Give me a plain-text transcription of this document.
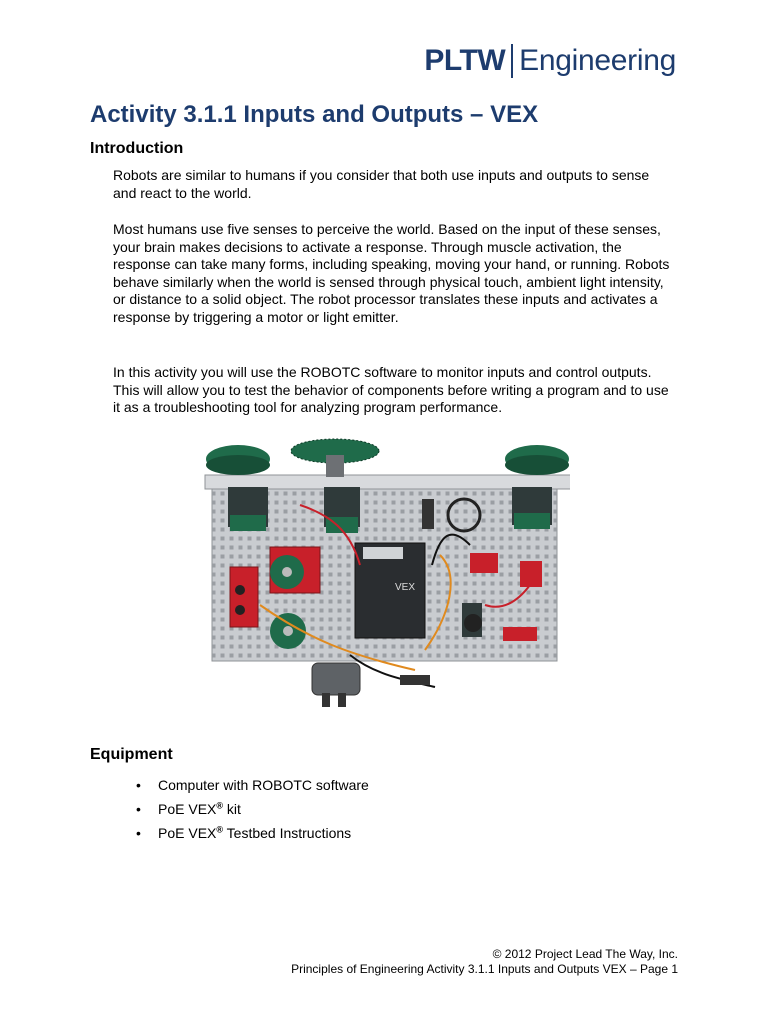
PLTW Engineering
Activity 3.1.1 Inputs and Outputs – VEX
Introduction

Robots are similar to humans if you consider that both use inputs and outputs to sense and react to the world.

Most humans use five senses to perceive the world. Based on the input of these senses, your brain makes decisions to activate a response. Through muscle activation, the response can take many forms, including speaking, moving your hand, or running. Robots behave similarly when the world is sensed through physical touch, ambient light intensity, or distance to a solid object. The robot processor translates these inputs and activates a response by triggering a motor or light emitter.

In this activity you will use the ROBOTC software to monitor inputs and control outputs. This will allow you to test the behavior of components before writing a program and to use it as a troubleshooting tool for analyzing program performance.

VEX
Equipment
• Computer with ROBOTC software
• PoE VEX® kit
• PoE VEX® Testbed Instructions
© 2012 Project Lead The Way, Inc.
Principles of Engineering Activity 3.1.1 Inputs and Outputs VEX – Page 1
